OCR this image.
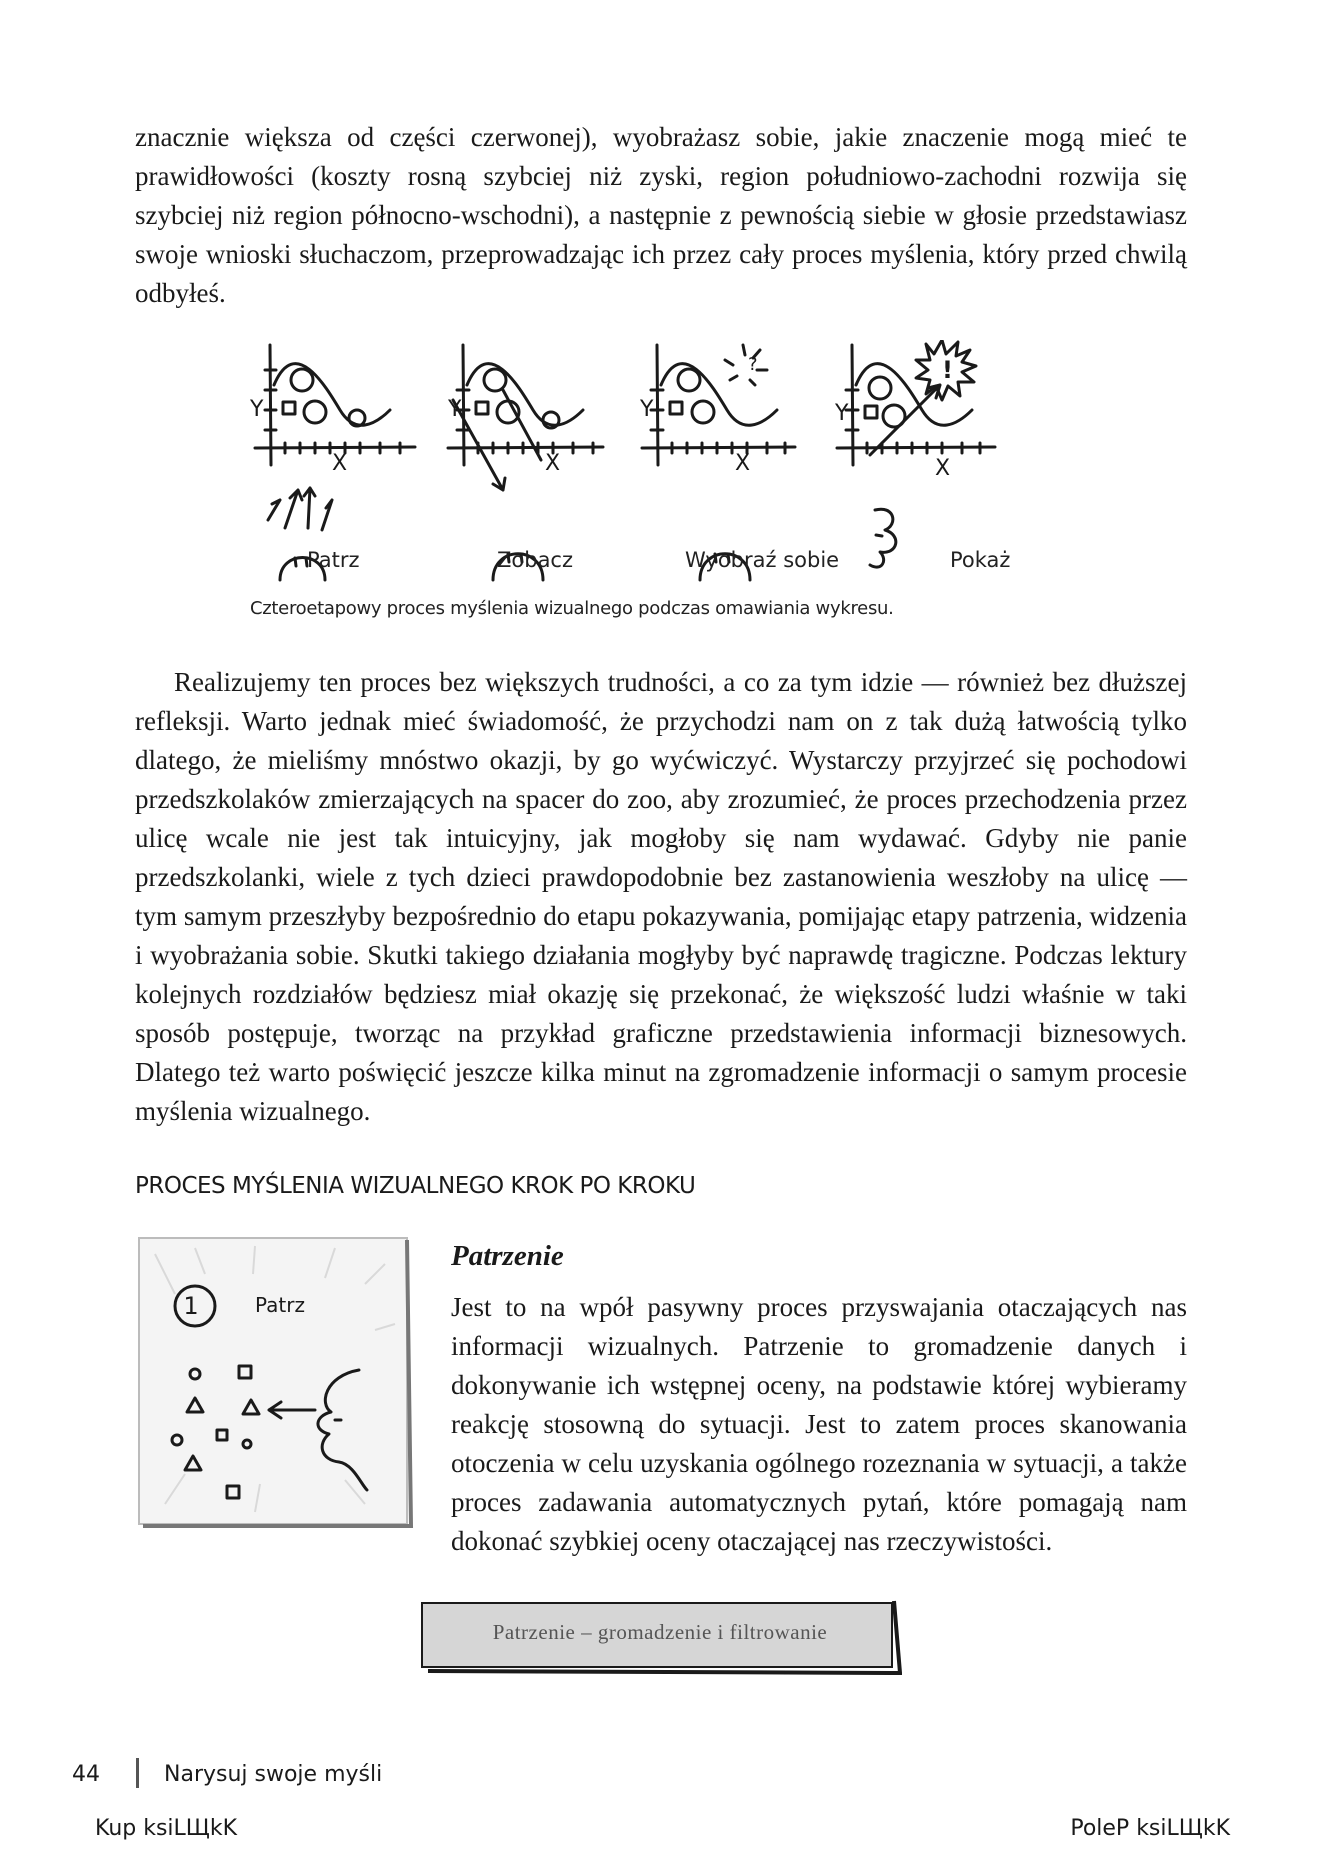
znacznie większa od części czerwonej), wyobrażasz sobie, jakie znaczenie mogą mieć te prawidłowości (koszty rosną szybciej niż zyski, region południowo-zachodni rozwija się szybciej niż region północno-wschodni), a następnie z pewnością siebie w głosie przedstawiasz swoje wnioski słuchaczom, przeprowadzając ich przez cały proces myślenia, który przed chwilą odbyłeś.

Y
X
Y
X
Y
X
Y
X
?	!
Patrz	Zobacz	Wyobraź sobie	Pokaż
Czteroetapowy proces myślenia wizualnego podczas omawiania wykresu.

Realizujemy ten proces bez większych trudności, a co za tym idzie — również bez dłuższej refleksji. Warto jednak mieć świadomość, że przychodzi nam on z tak dużą łatwością tylko dlatego, że mieliśmy mnóstwo okazji, by go wyćwiczyć. Wystarczy przyjrzeć się pochodowi przedszkolaków zmierzających na spacer do zoo, aby zrozumieć, że proces przechodzenia przez ulicę wcale nie jest tak intuicyjny, jak mogłoby się nam wydawać. Gdyby nie panie przedszkolanki, wiele z tych dzieci prawdopodobnie bez zastanowienia weszłoby na ulicę — tym samym przeszłyby bezpośrednio do etapu pokazywania, pomijając etapy patrzenia, widzenia i wyobrażania sobie. Skutki takiego działania mogłyby być naprawdę tragiczne. Podczas lektury kolejnych rozdziałów będziesz miał okazję się przekonać, że większość ludzi właśnie w taki sposób postępuje, tworząc na przykład graficzne przedstawienia informacji biznesowych. Dlatego też warto poświęcić jeszcze kilka minut na zgromadzenie informacji o samym procesie myślenia wizualnego.

PROCES MYŚLENIA WIZUALNEGO KROK PO KROKU
1	Patrz
Patrzenie

Jest to na wpół pasywny proces przyswajania otaczających nas informacji wizualnych. Patrzenie to gromadzenie danych i dokonywanie ich wstępnej oceny, na podstawie której wybieramy reakcję stosowną do sytuacji. Jest to zatem proces skanowania otoczenia w celu uzyskania ogólnego rozeznania w sytuacji, a także proces zadawania automatycznych pytań, które pomagają nam dokonać szybkiej oceny otaczającej nas rzeczywistości.

Patrzenie – gromadzenie i filtrowanie
44	Narysuj swoje myśli
Kup ksiLЩkK	PoleP ksiLЩkK
